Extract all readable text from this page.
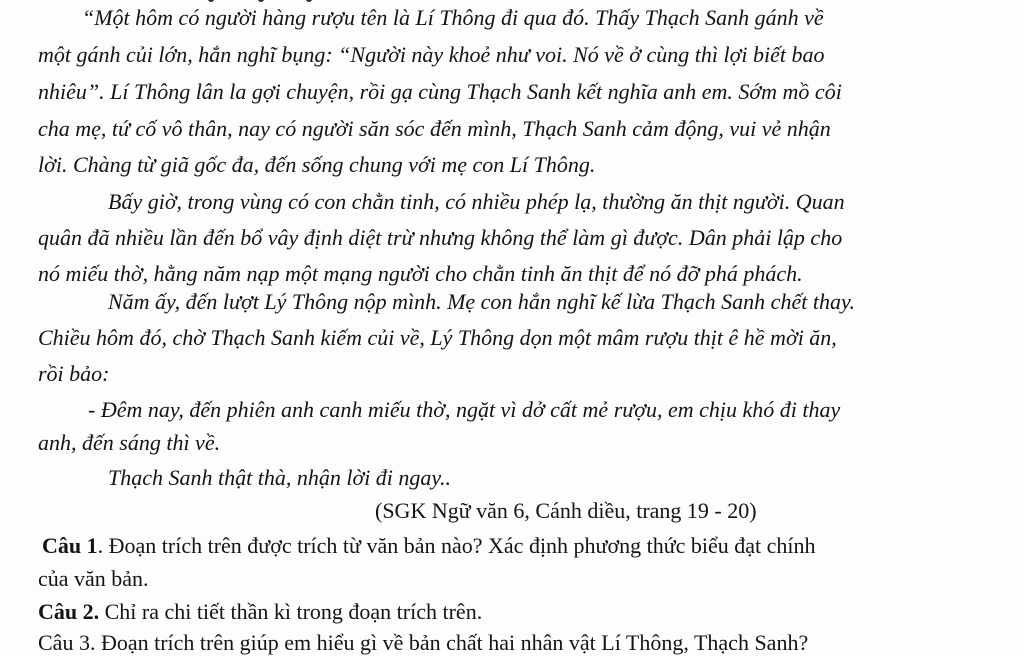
“Một hôm có người hàng rượu tên là Lí Thông đi qua đó. Thấy Thạch Sanh gánh về
một gánh củi lớn, hắn nghĩ bụng: “Người này khoẻ như voi. Nó về ở cùng thì lợi biết bao
nhiêu”. Lí Thông lân la gợi chuyện, rồi gạ cùng Thạch Sanh kết nghĩa anh em. Sớm mồ côi
cha mẹ, tứ cố vô thân, nay có người săn sóc đến mình, Thạch Sanh cảm động, vui vẻ nhận
lời. Chàng từ giã gốc đa, đến sống chung với mẹ con Lí Thông.
Bấy giờ, trong vùng có con chằn tinh, có nhiều phép lạ, thường ăn thịt người. Quan
quân đã nhiều lần đến bổ vây định diệt trừ nhưng không thể làm gì được. Dân phải lập cho
nó miếu thờ, hằng năm nạp một mạng người cho chằn tinh ăn thịt để nó đỡ phá phách.
Năm ấy, đến lượt Lý Thông nộp mình. Mẹ con hắn nghĩ kế lừa Thạch Sanh chết thay.
Chiều hôm đó, chờ Thạch Sanh kiếm củi về, Lý Thông dọn một mâm rượu thịt ê hề mời ăn,
rồi bảo:
- Đêm nay, đến phiên anh canh miếu thờ, ngặt vì dở cất mẻ rượu, em chịu khó đi thay
anh, đến sáng thì về.
Thạch Sanh thật thà, nhận lời đi ngay..
(SGK Ngữ văn 6, Cánh diều, trang 19 - 20)
Câu 1. Đoạn trích trên được trích từ văn bản nào? Xác định phương thức biểu đạt chính
của văn bản.
Câu 2. Chỉ ra chi tiết thần kì trong đoạn trích trên.
Câu 3. Đoạn trích trên giúp em hiểu gì về bản chất hai nhân vật Lí Thông, Thạch Sanh?
